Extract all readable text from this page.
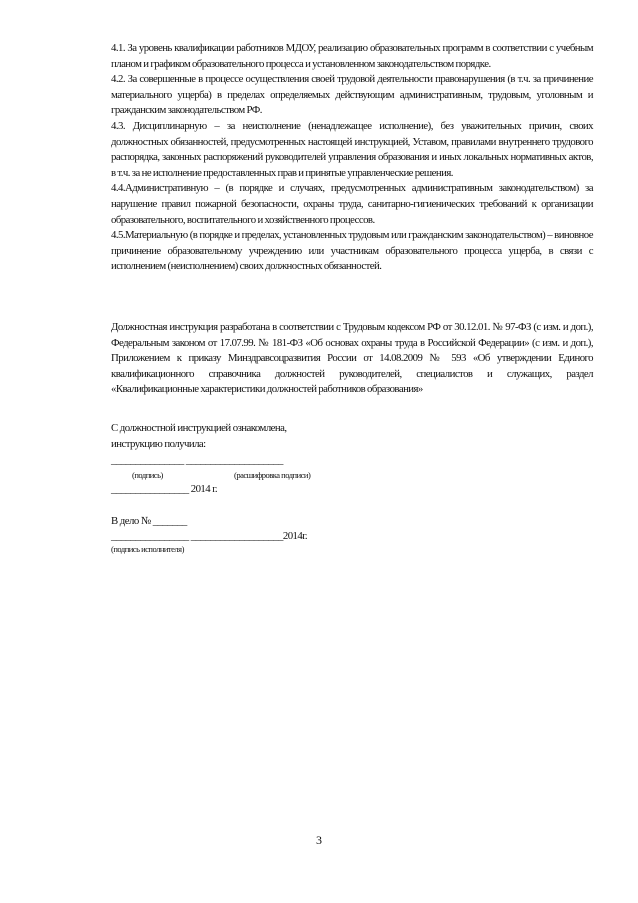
4.1. За уровень квалификации работников МДОУ, реализацию образовательных программ в соответствии с учебным планом и графиком образовательного процесса и установленном законодательством порядке.

4.2. За совершенные в процессе осуществления своей трудовой деятельности правонарушения (в т.ч. за причинение материального ущерба) в пределах определяемых действующим административным, трудовым, уголовным и гражданским законодательством РФ.

4.3. Дисциплинарную – за неисполнение (ненадлежащее исполнение), без уважительных причин, своих должностных обязанностей, предусмотренных настоящей инструкцией, Уставом, правилами внутреннего трудового распорядка, законных распоряжений руководителей управления образования и иных локальных нормативных актов, в т.ч. за не исполнение предоставленных прав и принятые управленческие решения.

4.4.Административную – (в порядке и случаях, предусмотренных административным законодательством) за нарушение правил пожарной безопасности, охраны труда, санитарно-гигиенических требований к организации образовательного, воспитательного и хозяйственного процессов.

4.5.Материальную (в порядке и пределах, установленных трудовым или гражданским законодательством) – виновное причинение образовательному учреждению или участникам образовательного процесса ущерба, в связи с исполнением (неисполнением) своих должностных обязанностей.

Должностная инструкция разработана в соответствии с Трудовым кодексом РФ от 30.12.01. № 97-ФЗ (с изм. и доп.), Федеральным законом от 17.07.99. № 181-ФЗ «Об основах охраны труда в Российской Федерации» (с изм. и доп.), Приложением к приказу Минздравсоцразвития России от 14.08.2009 № 593 «Об утверждении Единого квалификационного справочника должностей руководителей, специалистов и служащих, раздел «Квалификационные характеристики должностей работников образования»

С должностной инструкцией ознакомлена,
инструкцию получила:
_______________ ____________________
(подпись)	(расшифровка подписи)
________________ 2014 г.
В дело № _______
________________ ___________________2014г.
(подпись исполнителя)
3
